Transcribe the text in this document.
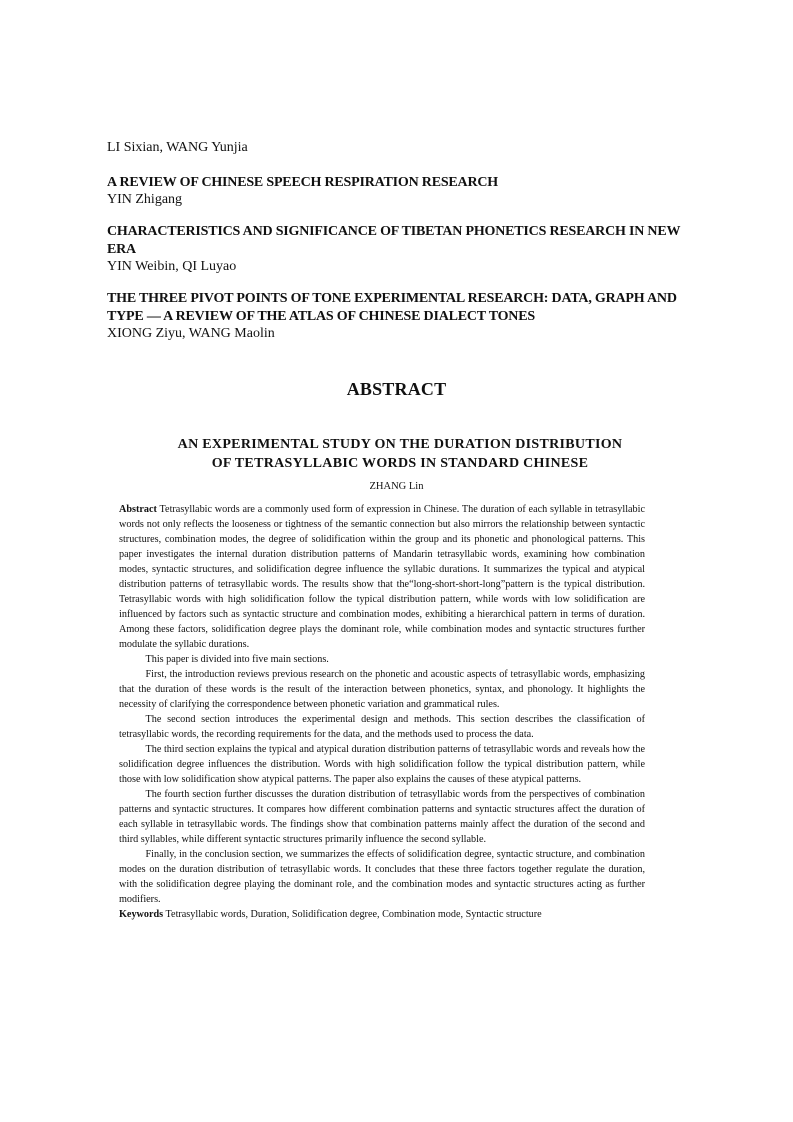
LI Sixian, WANG Yunjia

A REVIEW OF CHINESE SPEECH RESPIRATION RESEARCH

YIN Zhigang

CHARACTERISTICS AND SIGNIFICANCE OF TIBETAN PHONETICS RESEARCH IN NEW ERA

YIN Weibin, QI Luyao

THE THREE PIVOT POINTS OF TONE EXPERIMENTAL RESEARCH: DATA, GRAPH AND TYPE — A REVIEW OF THE ATLAS OF CHINESE DIALECT TONES

XIONG Ziyu, WANG Maolin

ABSTRACT
AN EXPERIMENTAL STUDY ON THE DURATION DISTRIBUTION
OF TETRASYLLABIC WORDS IN STANDARD CHINESE

ZHANG Lin

Abstract Tetrasyllabic words are a commonly used form of expression in Chinese. The duration of each syllable in tetrasyllabic words not only reflects the looseness or tightness of the semantic connection but also mirrors the relationship between syntactic structures, combination modes, the degree of solidification within the group and its phonetic and phonological patterns. This paper investigates the internal duration distribution patterns of Mandarin tetrasyllabic words, examining how combination modes, syntactic structures, and solidification degree influence the syllabic durations. It summarizes the typical and atypical distribution patterns of tetrasyllabic words. The results show that the“long-short-short-long”pattern is the typical distribution. Tetrasyllabic words with high solidification follow the typical distribution pattern, while words with low solidification are influenced by factors such as syntactic structure and combination modes, exhibiting a hierarchical pattern in terms of duration. Among these factors, solidification degree plays the dominant role, while combination modes and syntactic structures further modulate the syllabic durations.

This paper is divided into five main sections.

First, the introduction reviews previous research on the phonetic and acoustic aspects of tetrasyllabic words, emphasizing that the duration of these words is the result of the interaction between phonetics, syntax, and phonology. It highlights the necessity of clarifying the correspondence between phonetic variation and grammatical rules.

The second section introduces the experimental design and methods. This section describes the classification of tetrasyllabic words, the recording requirements for the data, and the methods used to process the data.

The third section explains the typical and atypical duration distribution patterns of tetrasyllabic words and reveals how the solidification degree influences the distribution. Words with high solidification follow the typical distribution pattern, while those with low solidification show atypical patterns. The paper also explains the causes of these atypical patterns.

The fourth section further discusses the duration distribution of tetrasyllabic words from the perspectives of combination patterns and syntactic structures. It compares how different combination patterns and syntactic structures affect the duration of each syllable in tetrasyllabic words. The findings show that combination patterns mainly affect the duration of the second and third syllables, while different syntactic structures primarily influence the second syllable.

Finally, in the conclusion section, we summarizes the effects of solidification degree, syntactic structure, and combination modes on the duration distribution of tetrasyllabic words. It concludes that these three factors together regulate the duration, with the solidification degree playing the dominant role, and the combination modes and syntactic structures acting as further modifiers.

Keywords Tetrasyllabic words, Duration, Solidification degree, Combination mode, Syntactic structure
